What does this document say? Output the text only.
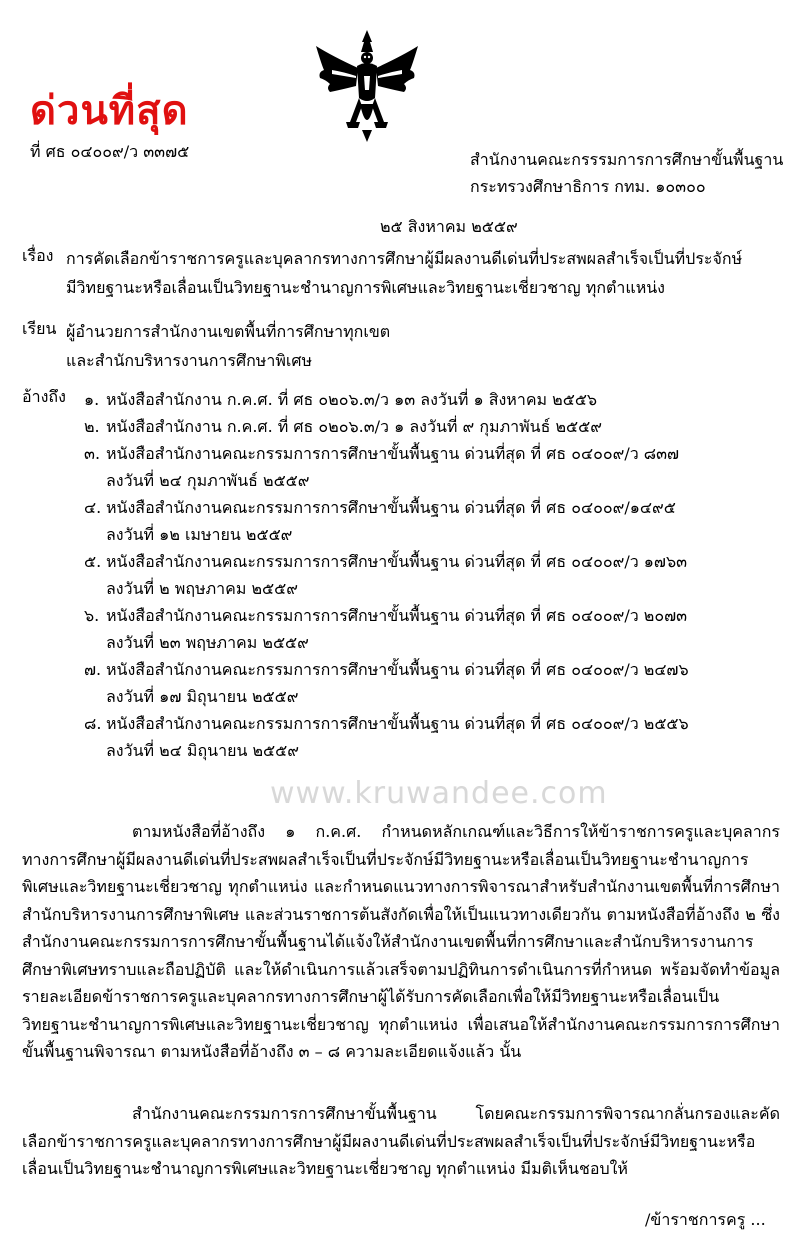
ด่วนที่สุด
ที่ ศธ ๐๔๐๐๙/ว ๓๓๗๕	สำนักงานคณะกรรรมการการศึกษาขั้นพื้นฐาน
กระทรวงศึกษาธิการ กทม. ๑๐๓๐๐
๒๕ สิงหาคม ๒๕๕๙
เรื่อง การคัดเลือกข้าราชการครูและบุคลากรทางการศึกษาผู้มีผลงานดีเด่นที่ประสพผลสำเร็จเป็นที่ประจักษ์
มีวิทยฐานะหรือเลื่อนเป็นวิทยฐานะชำนาญการพิเศษและวิทยฐานะเชี่ยวชาญ ทุกตำแหน่ง
เรียน ผู้อำนวยการสำนักงานเขตพื้นที่การศึกษาทุกเขต
และสำนักบริหารงานการศึกษาพิเศษ
อ้างถึง ๑. หนังสือสำนักงาน ก.ค.ศ. ที่ ศธ ๐๒๐๖.๓/ว ๑๓ ลงวันที่ ๑ สิงหาคม ๒๕๕๖
๒. หนังสือสำนักงาน ก.ค.ศ. ที่ ศธ ๐๒๐๖.๓/ว ๑ ลงวันที่ ๙ กุมภาพันธ์ ๒๕๕๙
๓. หนังสือสำนักงานคณะกรรมการการศึกษาขั้นพื้นฐาน ด่วนที่สุด ที่ ศธ ๐๔๐๐๙/ว ๘๓๗
ลงวันที่ ๒๔ กุมภาพันธ์ ๒๕๕๙
๔. หนังสือสำนักงานคณะกรรมการการศึกษาขั้นพื้นฐาน ด่วนที่สุด ที่ ศธ ๐๔๐๐๙/๑๔๙๕
ลงวันที่ ๑๒ เมษายน ๒๕๕๙
๕. หนังสือสำนักงานคณะกรรมการการศึกษาขั้นพื้นฐาน ด่วนที่สุด ที่ ศธ ๐๔๐๐๙/ว ๑๗๖๓
ลงวันที่ ๒ พฤษภาคม ๒๕๕๙
๖. หนังสือสำนักงานคณะกรรมการการศึกษาขั้นพื้นฐาน ด่วนที่สุด ที่ ศธ ๐๔๐๐๙/ว ๒๐๗๓
ลงวันที่ ๒๓ พฤษภาคม ๒๕๕๙
๗. หนังสือสำนักงานคณะกรรมการการศึกษาขั้นพื้นฐาน ด่วนที่สุด ที่ ศธ ๐๔๐๐๙/ว ๒๔๗๖
ลงวันที่ ๑๗ มิถุนายน ๒๕๕๙
๘. หนังสือสำนักงานคณะกรรมการการศึกษาขั้นพื้นฐาน ด่วนที่สุด ที่ ศธ ๐๔๐๐๙/ว ๒๕๕๖
ลงวันที่ ๒๔ มิถุนายน ๒๕๕๙
www.kruwandee.com
ตามหนังสือที่อ้างถึง ๑ ก.ค.ศ. กำหนดหลักเกณฑ์และวิธีการให้ข้าราชการครูและบุคลากรทางการศึกษาผู้มีผลงานดีเด่นที่ประสพผลสำเร็จเป็นที่ประจักษ์มีวิทยฐานะหรือเลื่อนเป็นวิทยฐานะชำนาญการพิเศษและวิทยฐานะเชี่ยวชาญ ทุกตำแหน่ง และกำหนดแนวทางการพิจารณาสำหรับสำนักงานเขตพื้นที่การศึกษา สำนักบริหารงานการศึกษาพิเศษ และส่วนราชการต้นสังกัดเพื่อให้เป็นแนวทางเดียวกัน ตามหนังสือที่อ้างถึง ๒ ซึ่งสำนักงานคณะกรรมการการศึกษาขั้นพื้นฐานได้แจ้งให้สำนักงานเขตพื้นที่การศึกษาและสำนักบริหารงานการศึกษาพิเศษทราบและถือปฏิบัติ และให้ดำเนินการแล้วเสร็จตามปฏิทินการดำเนินการที่กำหนด พร้อมจัดทำข้อมูลรายละเอียดข้าราชการครูและบุคลากรทางการศึกษาผู้ได้รับการคัดเลือกเพื่อให้มีวิทยฐานะหรือเลื่อนเป็นวิทยฐานะชำนาญการพิเศษและวิทยฐานะเชี่ยวชาญ ทุกตำแหน่ง เพื่อเสนอให้สำนักงานคณะกรรมการการศึกษาขั้นพื้นฐานพิจารณา ตามหนังสือที่อ้างถึง ๓ – ๘ ความละเอียดแจ้งแล้ว นั้น
สำนักงานคณะกรรมการการศึกษาขั้นพื้นฐาน โดยคณะกรรมการพิจารณากลั่นกรองและคัดเลือกข้าราชการครูและบุคลากรทางการศึกษาผู้มีผลงานดีเด่นที่ประสพผลสำเร็จเป็นที่ประจักษ์มีวิทยฐานะหรือเลื่อนเป็นวิทยฐานะชำนาญการพิเศษและวิทยฐานะเชี่ยวชาญ ทุกตำแหน่ง มีมติเห็นชอบให้
/ข้าราชการครู ...
